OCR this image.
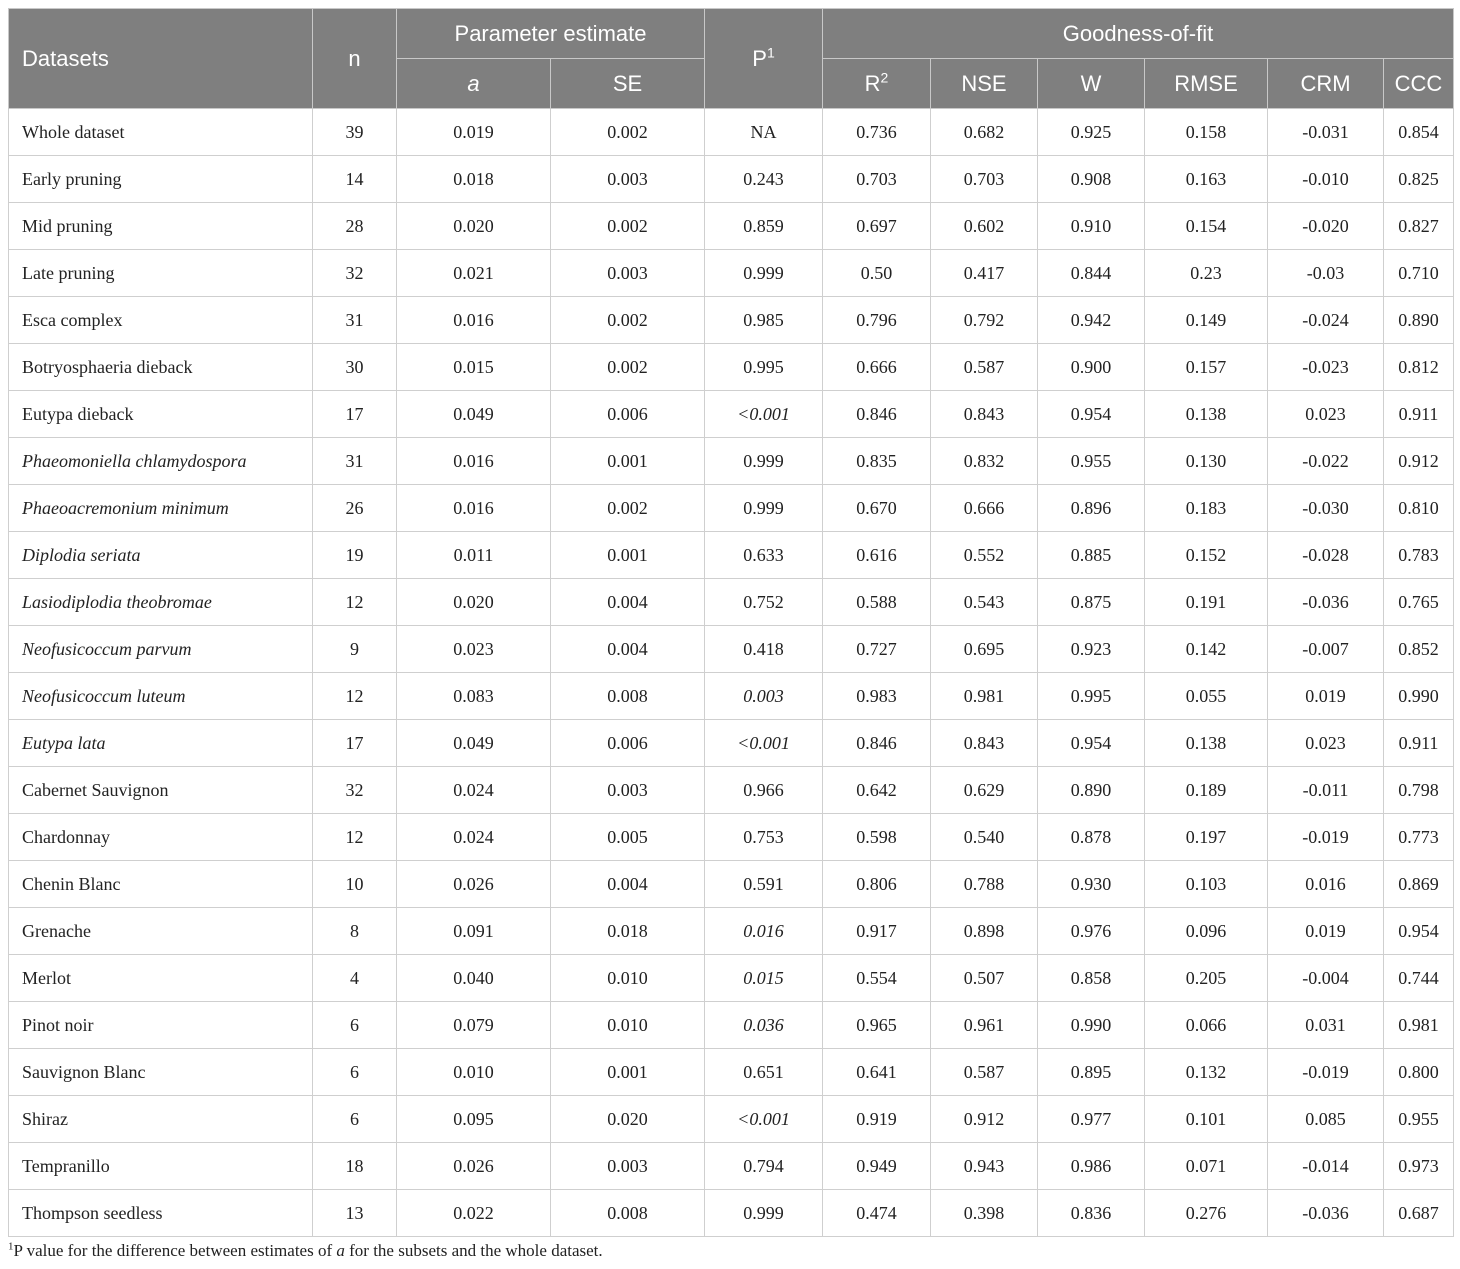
Datasets	n	Parameter estimate		$P^1$	Goodness-of-fit					
		a	SE		$R^2$	NSE	W	RMSE	CRM	CCC
Whole dataset	39	0.019	0.002	NA	0.736	0.682	0.925	0.158	-0.031	0.854
Early pruning	14	0.018	0.003	0.243	0.703	0.703	0.908	0.163	-0.010	0.825
Mid pruning	28	0.020	0.002	0.859	0.697	0.602	0.910	0.154	-0.020	0.827
Late pruning	32	0.021	0.003	0.999	0.50	0.417	0.844	0.23	-0.03	0.710
Esca complex	31	0.016	0.002	0.985	0.796	0.792	0.942	0.149	-0.024	0.890
Botryosphaeria dieback	30	0.015	0.002	0.995	0.666	0.587	0.900	0.157	-0.023	0.812
Eutypa dieback	17	0.049	0.006	<0.001	0.846	0.843	0.954	0.138	0.023	0.911
Phaeomoniella chlamydospora	31	0.016	0.001	0.999	0.835	0.832	0.955	0.130	-0.022	0.912
Phaeoacremonium minimum	26	0.016	0.002	0.999	0.670	0.666	0.896	0.183	-0.030	0.810
Diplodia seriata	19	0.011	0.001	0.633	0.616	0.552	0.885	0.152	-0.028	0.783
Lasiodiplodia theobromae	12	0.020	0.004	0.752	0.588	0.543	0.875	0.191	-0.036	0.765
Neofusicoccum parvum	9	0.023	0.004	0.418	0.727	0.695	0.923	0.142	-0.007	0.852
Neofusicoccum luteum	12	0.083	0.008	0.003	0.983	0.981	0.995	0.055	0.019	0.990
Eutypa lata	17	0.049	0.006	<0.001	0.846	0.843	0.954	0.138	0.023	0.911
Cabernet Sauvignon	32	0.024	0.003	0.966	0.642	0.629	0.890	0.189	-0.011	0.798
Chardonnay	12	0.024	0.005	0.753	0.598	0.540	0.878	0.197	-0.019	0.773
Chenin Blanc	10	0.026	0.004	0.591	0.806	0.788	0.930	0.103	0.016	0.869
Grenache	8	0.091	0.018	0.016	0.917	0.898	0.976	0.096	0.019	0.954
Merlot	4	0.040	0.010	0.015	0.554	0.507	0.858	0.205	-0.004	0.744
Pinot noir	6	0.079	0.010	0.036	0.965	0.961	0.990	0.066	0.031	0.981
Sauvignon Blanc	6	0.010	0.001	0.651	0.641	0.587	0.895	0.132	-0.019	0.800
Shiraz	6	0.095	0.020	<0.001	0.919	0.912	0.977	0.101	0.085	0.955
Tempranillo	18	0.026	0.003	0.794	0.949	0.943	0.986	0.071	-0.014	0.973
Thompson seedless	13	0.022	0.008	0.999	0.474	0.398	0.836	0.276	-0.036	0.687
$^1$P value for the difference between estimates of a for the subsets and the whole dataset.
